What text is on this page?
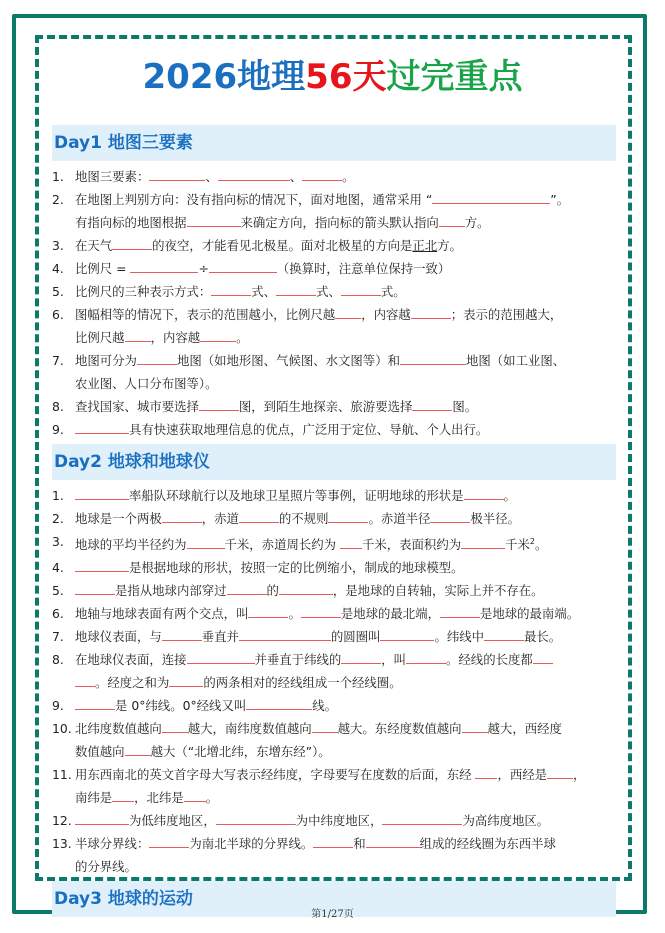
2026地理56天过完重点
Day1 地图三要素
1. 地图三要素：	、	、	。
2. 在地图上判别方向：没有指向标的情况下，面对地图，通常采用 “	”。
有指向标的地图根据	来确定方向，指向标的箭头默认指向 方。
3. 在天气	的夜空，才能看见北极星。面对北极星的方向是正北方。
4. 比例尺 =	÷	（换算时，注意单位保持一致）
5. 比例尺的三种表示方式：	式、	式、	式。
6. 图幅相等的情况下，表示的范围越小，比例尺越 ，内容越	；表示的范围越大，
比例尺越 ，内容越	。
7. 地图可分为	地图（如地形图、气候图、水文图等）和	地图（如工业图、
农业图、人口分布图等）。
8. 查找国家、城市要选择	图，到陌生地探亲、旅游要选择	图。
9.	具有快速获取地理信息的优点，广泛用于定位、导航、个人出行。
Day2 地球和地球仪
1.	率船队环球航行以及地球卫星照片等事例，证明地球的形状是	。
2. 地球是一个两极	，赤道	的不规则	。赤道半径	极半径。
3. 地球的平均半径约为	千米，赤道周长约为 千米，表面积约为	千米$^2$。
4.	是根据地球的形状，按照一定的比例缩小，制成的地球模型。
5.	是指从地球内部穿过	的	，是地球的自转轴，实际上并不存在。
6. 地轴与地球表面有两个交点，叫	。	是地球的最北端，	是地球的最南端。
7. 地球仪表面，与	垂直并	的圆圈叫	。纬线中	最长。
8. 在地球仪表面，连接	并垂直于纬线的	，叫	。经线的长度都
。经度之和为	的两条相对的经线组成一个经线圈。
9.	是 0°纬线。0°经线又叫	线。
10. 北纬度数值越向 越大，南纬度数值越向 越大。东经度数值越向 越大，西经度
数值越向 越大（“北增北纬，东增东经”）。
11. 用东西南北的英文首字母大写表示经纬度，字母要写在度数的后面，东经 ，西经是 ，
南纬是 ，北纬是 。
12.	为低纬度地区，	为中纬度地区，	为高纬度地区。
13. 半球分界线：	为南北半球的分界线。	和	组成的经线圈为东西半球
的分界线。
Day3 地球的运动
第1/27页
